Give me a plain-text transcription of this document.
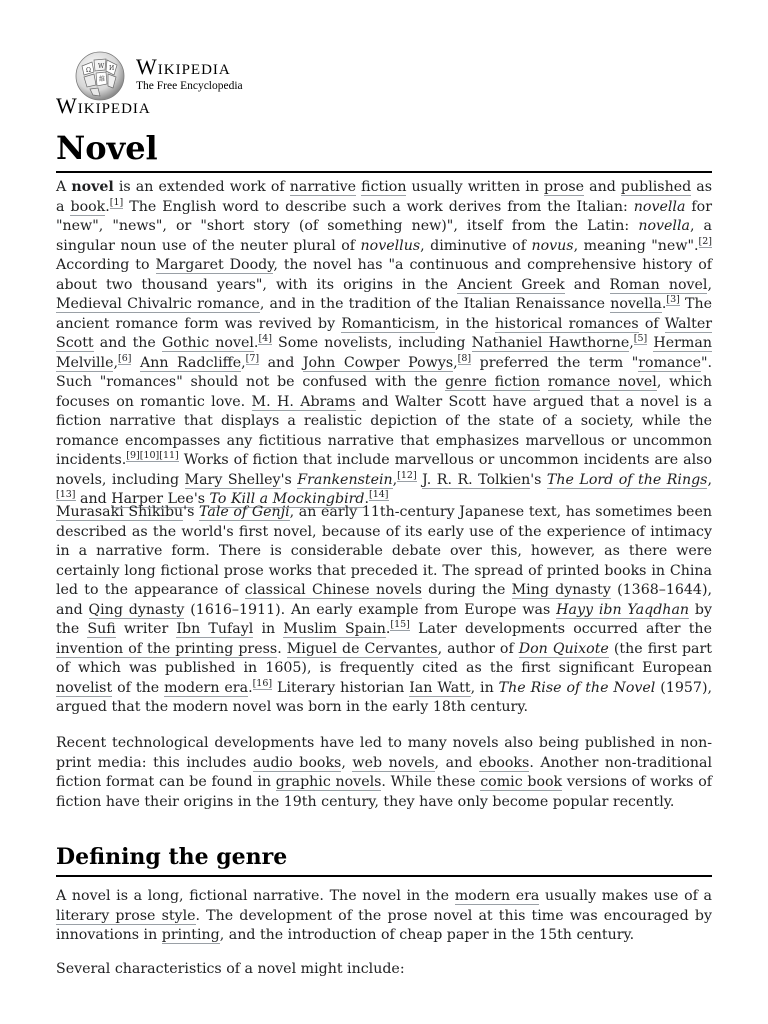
Ω
W И
維
Wikipedia
The Free Encyclopedia
Wikipedia
Novel

A novel is an extended work of narrative fiction usually written in prose and published as a book.[1] The English word to describe such a work derives from the Italian: novella for "new", "news", or "short story (of something new)", itself from the Latin: novella, a singular noun use of the neuter plural of novellus, diminutive of novus, meaning "new".[2] According to Margaret Doody, the novel has "a continuous and comprehensive history of about two thousand years", with its origins in the Ancient Greek and Roman novel, Medieval Chivalric romance, and in the tradition of the Italian Renaissance novella.[3] The ancient romance form was revived by Romanticism, in the historical romances of Walter Scott and the Gothic novel.[4] Some novelists, including Nathaniel Hawthorne,[5] Herman Melville,[6] Ann Radcliffe,[7] and John Cowper Powys,[8] preferred the term "romance". Such "romances" should not be confused with the genre fiction romance novel, which focuses on romantic love. M. H. Abrams and Walter Scott have argued that a novel is a fiction narrative that displays a realistic depiction of the state of a society, while the romance encompasses any fictitious narrative that emphasizes marvellous or uncommon incidents.[9][10][11] Works of fiction that include marvellous or uncommon incidents are also novels, including Mary Shelley's Frankenstein,[12] J. R. R. Tolkien's The Lord of the Rings,[13] and Harper Lee's To Kill a Mockingbird.[14]

Murasaki Shikibu's Tale of Genji, an early 11th-century Japanese text, has sometimes been described as the world's first novel, because of its early use of the experience of intimacy in a narrative form. There is considerable debate over this, however, as there were certainly long fictional prose works that preceded it. The spread of printed books in China led to the appearance of classical Chinese novels during the Ming dynasty (1368–1644), and Qing dynasty (1616–1911). An early example from Europe was Hayy ibn Yaqdhan by the Sufi writer Ibn Tufayl in Muslim Spain.[15] Later developments occurred after the invention of the printing press. Miguel de Cervantes, author of Don Quixote (the first part of which was published in 1605), is frequently cited as the first significant European novelist of the modern era.[16] Literary historian Ian Watt, in The Rise of the Novel (1957), argued that the modern novel was born in the early 18th century.

Recent technological developments have led to many novels also being published in non-print media: this includes audio books, web novels, and ebooks. Another non-traditional fiction format can be found in graphic novels. While these comic book versions of works of fiction have their origins in the 19th century, they have only become popular recently.

Defining the genre

A novel is a long, fictional narrative. The novel in the modern era usually makes use of a literary prose style. The development of the prose novel at this time was encouraged by innovations in printing, and the introduction of cheap paper in the 15th century.

Several characteristics of a novel might include:
